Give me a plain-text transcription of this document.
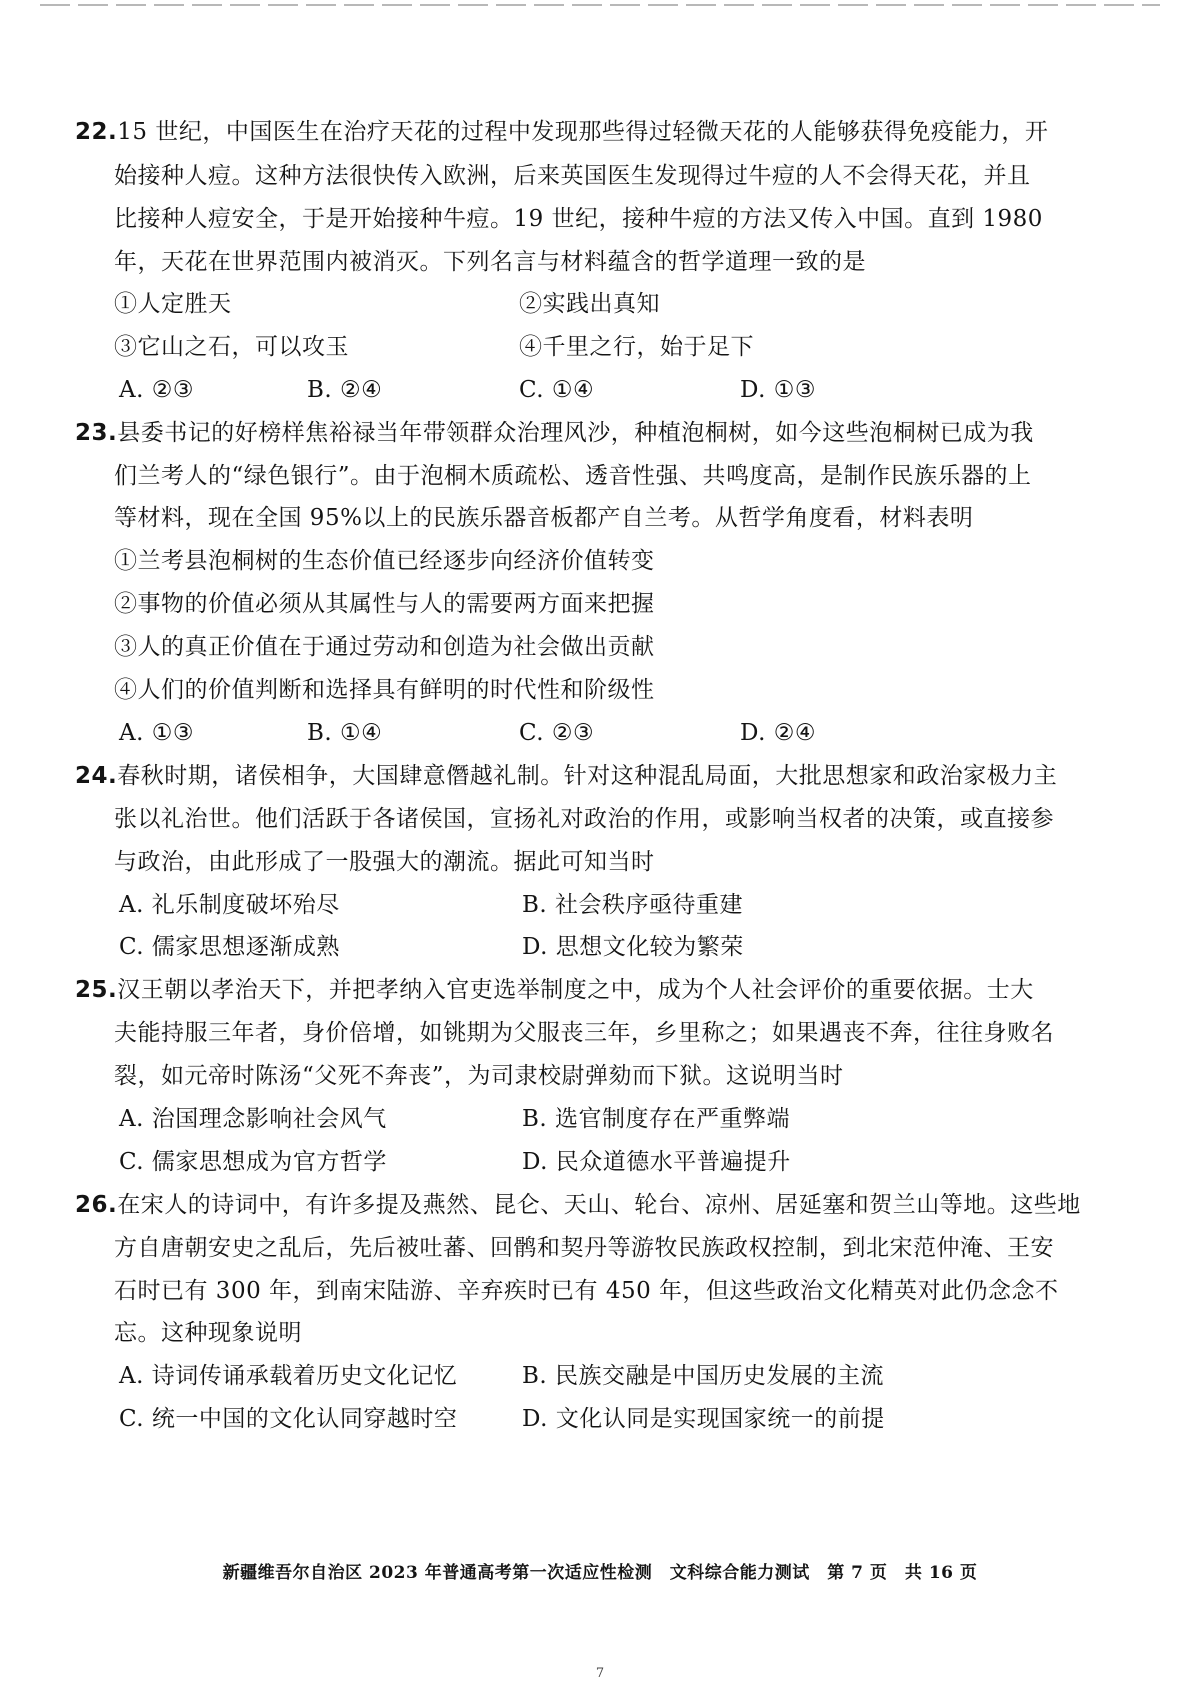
22.15 世纪，中国医生在治疗天花的过程中发现那些得过轻微天花的人能够获得免疫能力，开
始接种人痘。这种方法很快传入欧洲，后来英国医生发现得过牛痘的人不会得天花，并且
比接种人痘安全，于是开始接种牛痘。19 世纪，接种牛痘的方法又传入中国。直到 1980
年，天花在世界范围内被消灭。下列名言与材料蕴含的哲学道理一致的是
①人定胜天	②实践出真知
③它山之石，可以攻玉	④千里之行，始于足下
A. ②③	B. ②④	C. ①④	D. ①③
23.县委书记的好榜样焦裕禄当年带领群众治理风沙，种植泡桐树，如今这些泡桐树已成为我
们兰考人的“绿色银行”。由于泡桐木质疏松、透音性强、共鸣度高，是制作民族乐器的上
等材料，现在全国 95%以上的民族乐器音板都产自兰考。从哲学角度看，材料表明
①兰考县泡桐树的生态价值已经逐步向经济价值转变
②事物的价值必须从其属性与人的需要两方面来把握
③人的真正价值在于通过劳动和创造为社会做出贡献
④人们的价值判断和选择具有鲜明的时代性和阶级性
A. ①③	B. ①④	C. ②③	D. ②④
24.春秋时期，诸侯相争，大国肆意僭越礼制。针对这种混乱局面，大批思想家和政治家极力主
张以礼治世。他们活跃于各诸侯国，宣扬礼对政治的作用，或影响当权者的决策，或直接参
与政治，由此形成了一股强大的潮流。据此可知当时
A. 礼乐制度破坏殆尽	B. 社会秩序亟待重建
C. 儒家思想逐渐成熟	D. 思想文化较为繁荣
25.汉王朝以孝治天下，并把孝纳入官吏选举制度之中，成为个人社会评价的重要依据。士大
夫能持服三年者，身价倍增，如铫期为父服丧三年，乡里称之；如果遇丧不奔，往往身败名
裂，如元帝时陈汤“父死不奔丧”，为司隶校尉弹劾而下狱。这说明当时
A. 治国理念影响社会风气	B. 选官制度存在严重弊端
C. 儒家思想成为官方哲学	D. 民众道德水平普遍提升
26.在宋人的诗词中，有许多提及燕然、昆仑、天山、轮台、凉州、居延塞和贺兰山等地。这些地
方自唐朝安史之乱后，先后被吐蕃、回鹘和契丹等游牧民族政权控制，到北宋范仲淹、王安
石时已有 300 年，到南宋陆游、辛弃疾时已有 450 年，但这些政治文化精英对此仍念念不
忘。这种现象说明
A. 诗词传诵承载着历史文化记忆	B. 民族交融是中国历史发展的主流
C. 统一中国的文化认同穿越时空	D. 文化认同是实现国家统一的前提
新疆维吾尔自治区 2023 年普通高考第一次适应性检测　文科综合能力测试　第 7 页　共 16 页
7
